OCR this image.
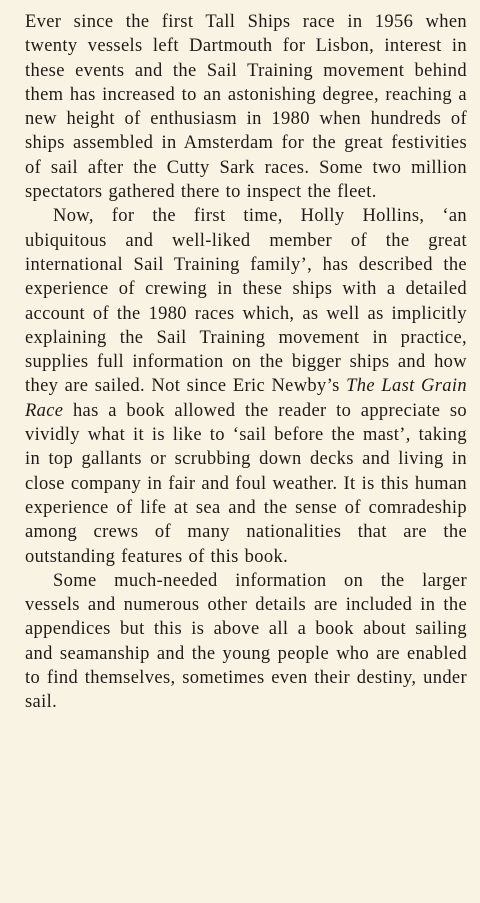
Ever since the first Tall Ships race in 1956 when twenty vessels left Dartmouth for Lisbon, interest in these events and the Sail Training movement behind them has increased to an astonishing degree, reaching a new height of enthusiasm in 1980 when hundreds of ships assembled in Amsterdam for the great festivities of sail after the Cutty Sark races. Some two million spectators gathered there to inspect the fleet.

Now, for the first time, Holly Hollins, ‘an ubiquitous and well-liked member of the great international Sail Training family’, has described the experience of crewing in these ships with a detailed account of the 1980 races which, as well as implicitly explaining the Sail Training movement in practice, supplies full information on the bigger ships and how they are sailed. Not since Eric Newby’s The Last Grain Race has a book allowed the reader to appreciate so vividly what it is like to ‘sail before the mast’, taking in top gallants or scrubbing down decks and living in close company in fair and foul weather. It is this human experience of life at sea and the sense of comradeship among crews of many nationalities that are the outstanding features of this book.

Some much-needed information on the larger vessels and numerous other details are included in the appendices but this is above all a book about sailing and seamanship and the young people who are enabled to find themselves, sometimes even their destiny, under sail.
